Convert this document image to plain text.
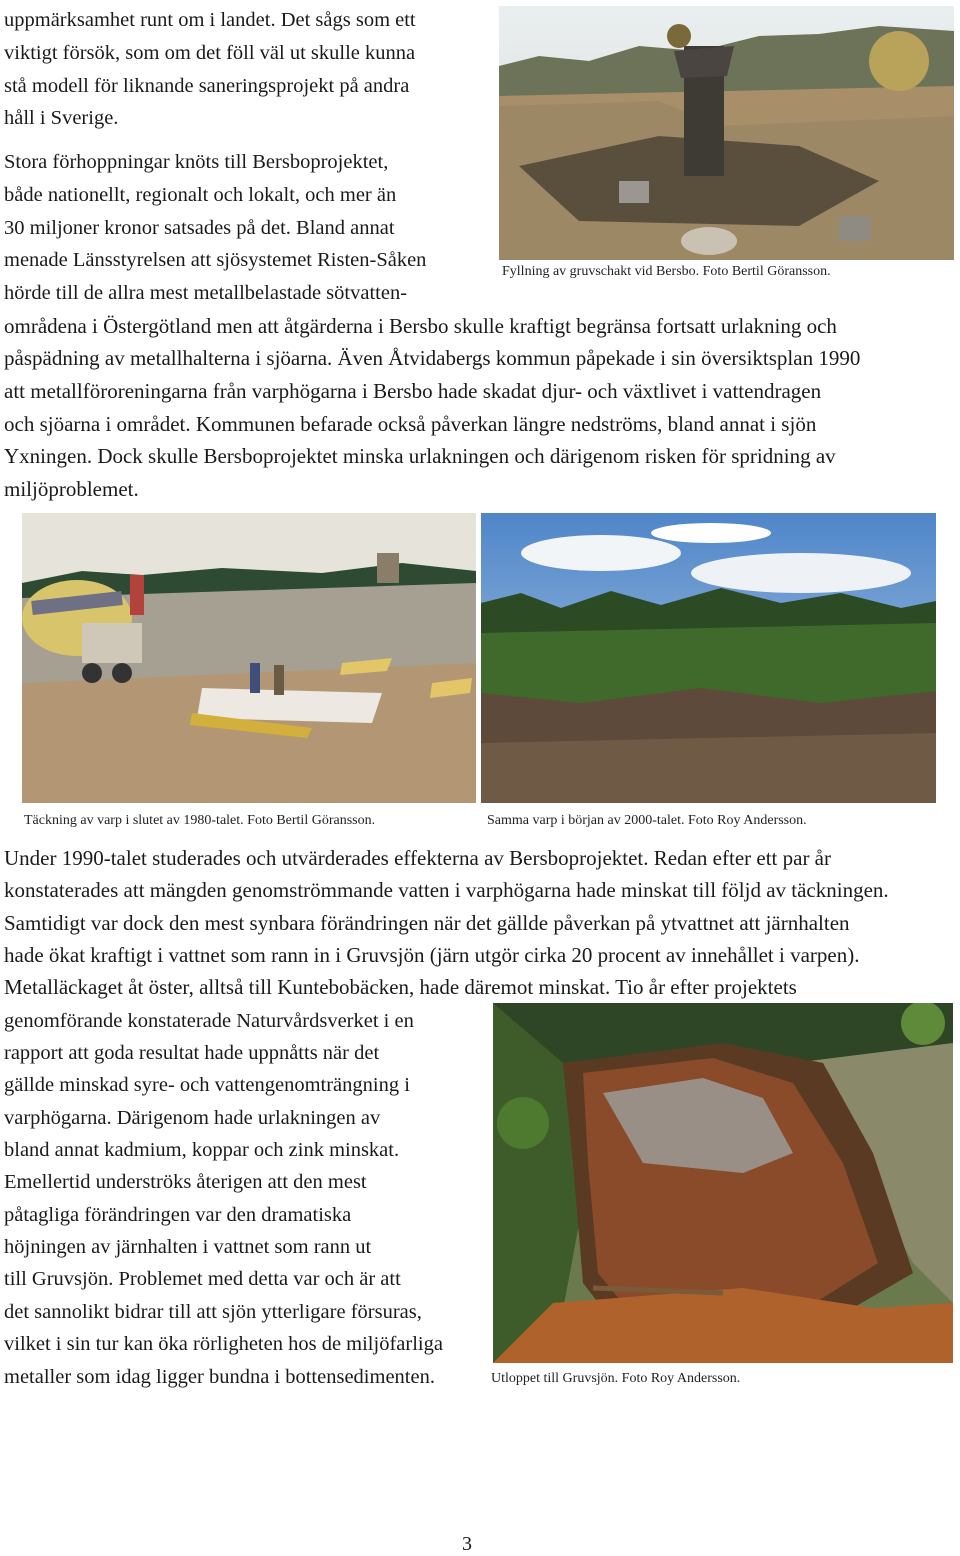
uppmärksamhet runt om i landet. Det sågs som ett
viktigt försök, som om det föll väl ut skulle kunna
stå modell för liknande saneringsprojekt på andra
håll i Sverige.
Stora förhoppningar knöts till Bersboprojektet,
både nationellt, regionalt och lokalt, och mer än
30 miljoner kronor satsades på det. Bland annat
menade Länsstyrelsen att sjösystemet Risten-Såken
hörde till de allra mest metallbelastade sötvatten-
områdena i Östergötland men att åtgärderna i Bersbo skulle kraftigt begränsa fortsatt urlakning och
påspädning av metallhalterna i sjöarna. Även Åtvidabergs kommun påpekade i sin översiktsplan 1990
att metallföroreningarna från varphögarna i Bersbo hade skadat djur- och växtlivet i vattendragen
och sjöarna i området. Kommunen befarade också påverkan längre nedströms, bland annat i sjön
Yxningen. Dock skulle Bersboprojektet minska urlakningen och därigenom risken för spridning av
miljöproblemet.
Fyllning av gruvschakt vid Bersbo. Foto Bertil Göransson.
Täckning av varp i slutet av 1980-talet. Foto Bertil Göransson.	Samma varp i början av 2000-talet. Foto Roy Andersson.
Under 1990-talet studerades och utvärderades effekterna av Bersboprojektet. Redan efter ett par år
konstaterades att mängden genomströmmande vatten i varphögarna hade minskat till följd av täckningen.
Samtidigt var dock den mest synbara förändringen när det gällde påverkan på ytvattnet att järnhalten
hade ökat kraftigt i vattnet som rann in i Gruvsjön (järn utgör cirka 20 procent av innehållet i varpen).
Metalläckaget åt öster, alltså till Kuntebobäcken, hade däremot minskat. Tio år efter projektets
genomförande konstaterade Naturvårdsverket i en
rapport att goda resultat hade uppnåtts när det
gällde minskad syre- och vattengenomträngning i
varphögarna. Därigenom hade urlakningen av
bland annat kadmium, koppar och zink minskat.
Emellertid underströks återigen att den mest
påtagliga förändringen var den dramatiska
höjningen av järnhalten i vattnet som rann ut
till Gruvsjön. Problemet med detta var och är att
det sannolikt bidrar till att sjön ytterligare försuras,
vilket i sin tur kan öka rörligheten hos de miljöfarliga
metaller som idag ligger bundna i bottensedimenten.	Utloppet till Gruvsjön. Foto Roy Andersson.
3
